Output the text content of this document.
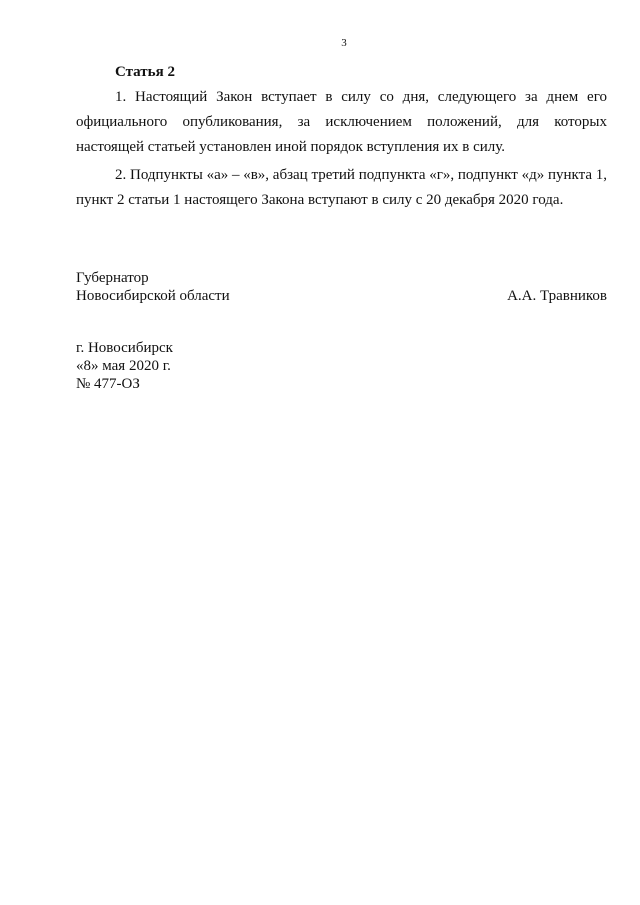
3
Статья 2

1. Настоящий Закон вступает в силу со дня, следующего за днем его официального опубликования, за исключением положений, для которых настоящей статьей установлен иной порядок вступления их в силу.

2. Подпункты «а» – «в», абзац третий подпункта «г», подпункт «д» пункта 1, пункт 2 статьи 1 настоящего Закона вступают в силу с 20 декабря 2020 года.

Губернатор
Новосибирской области	А.А. Травников
г. Новосибирск
«8» мая 2020 г.
№ 477-ОЗ
